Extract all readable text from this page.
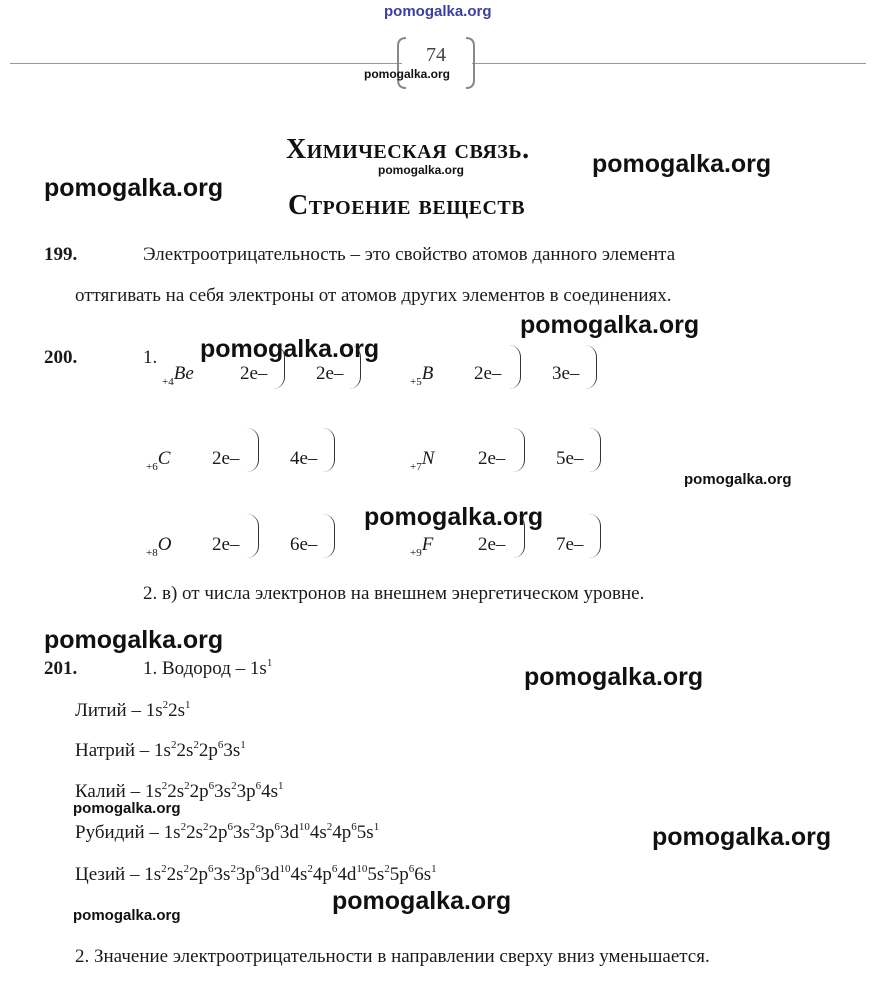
pomogalka.org
74
pomogalka.org
Химическая связь.
pomogalka.org	pomogalka.org
pomogalka.org
Строение веществ
199.	Электроотрицательность – это свойство атомов данного элемента
оттягивать на себя электроны от атомов других элементов в соединениях.
pomogalka.org
200.	1. pomogalka.org
$_{+4}$Be 2e–	2e–	$_{+5}$B 2e–	3e–
$_{+6}$C 2e–	4e–	$_{+7}$N 2e–	5e–
pomogalka.org
pomogalka.org
$_{+8}$O 2e–	6e–	$_{+9}$F 2e–	7e–
2. в) от числа электронов на внешнем энергетическом уровне.
pomogalka.org
201.	pomogalka.org
1. Водород – $1s^1$
Литий – $1s^22s^1$
Натрий – $1s^22s^22p^63s^1$
Калий – $1s^22s^22p^63s^23p^64s^1$
pomogalka.org
Рубидий – $1s^22s^22p^63s^23p^63d^{10}4s^24p^65s^1$	pomogalka.org
Цезий – $1s^22s^22p^63s^23p^63d^{10}4s^24p^64d^{10}5s^25p^66s^1$
pomogalka.org
pomogalka.org
2. Значение электроотрицательности в направлении сверху вниз уменьшается.
